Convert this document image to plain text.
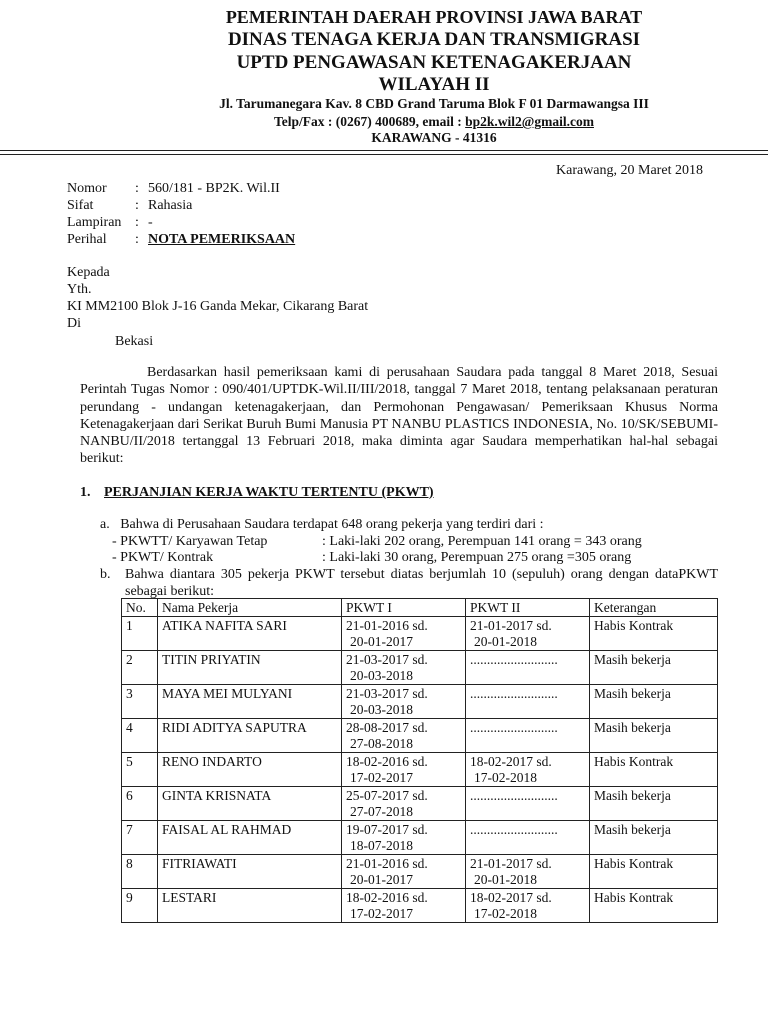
PEMERINTAH DAERAH PROVINSI JAWA BARAT
DINAS TENAGA KERJA DAN TRANSMIGRASI
UPTD PENGAWASAN KETENAGAKERJAAN
WILAYAH II
Jl. Tarumanegara Kav. 8 CBD Grand Taruma Blok F 01 Darmawangsa III
Telp/Fax : (0267) 400689, email : bp2k.wil2@gmail.com
KARAWANG - 41316
Karawang, 20 Maret 2018
Nomor : 560/181 - BP2K. Wil.II
Sifat	: Rahasia
Lampiran : -
Perihal : NOTA PEMERIKSAAN
Kepada
Yth.
KI MM2100 Blok J-16 Ganda Mekar, Cikarang Barat
Di
Bekasi

Berdasarkan hasil pemeriksaan kami di perusahaan Saudara pada tanggal 8 Maret 2018, Sesuai Perintah Tugas Nomor : 090/401/UPTDK-Wil.II/III/2018, tanggal 7 Maret 2018, tentang pelaksanaan peraturan perundang - undangan ketenagakerjaan, dan Permohonan Pengawasan/ Pemeriksaan Khusus Norma Ketenagakerjaan dari Serikat Buruh Bumi Manusia PT NANBU PLASTICS INDONESIA, No. 10/SK/SEBUMI-NANBU/II/2018 tertanggal 13 Februari 2018, maka diminta agar Saudara memperhatikan hal-hal sebagai berikut:

1. PERJANJIAN KERJA WAKTU TERTENTU (PKWT)
a. Bahwa di Perusahaan Saudara terdapat 648 orang pekerja yang terdiri dari :
- PKWTT/ Karyawan Tetap	: Laki-laki 202 orang, Perempuan 141 orang = 343 orang
- PKWT/ Kontrak	: Laki-laki 30 orang, Perempuan 275 orang =305 orang
b. Bahwa diantara 305 pekerja PKWT tersebut diatas berjumlah 10 (sepuluh) orang dengan dataPKWT sebagai berikut:
No.	Nama Pekerja	PKWT I	PKWT II	Keterangan
1	ATIKA NAFITA SARI	21-01-2016 sd.
20-01-2017	21-01-2017 sd.
20-01-2018	Habis Kontrak
2	TITIN PRIYATIN	21-03-2017 sd.
20-03-2018	..........................	Masih bekerja
3	MAYA MEI MULYANI	21-03-2017 sd.
20-03-2018	..........................	Masih bekerja
4	RIDI ADITYA SAPUTRA	28-08-2017 sd.
27-08-2018	..........................	Masih bekerja
5	RENO INDARTO	18-02-2016 sd.
17-02-2017	18-02-2017 sd.
17-02-2018	Habis Kontrak
6	GINTA KRISNATA	25-07-2017 sd.
27-07-2018	..........................	Masih bekerja
7	FAISAL AL RAHMAD	19-07-2017 sd.
18-07-2018	..........................	Masih bekerja
8	FITRIAWATI	21-01-2016 sd.
20-01-2017	21-01-2017 sd.
20-01-2018	Habis Kontrak
9	LESTARI	18-02-2016 sd.
17-02-2017	18-02-2017 sd.
17-02-2018	Habis Kontrak
